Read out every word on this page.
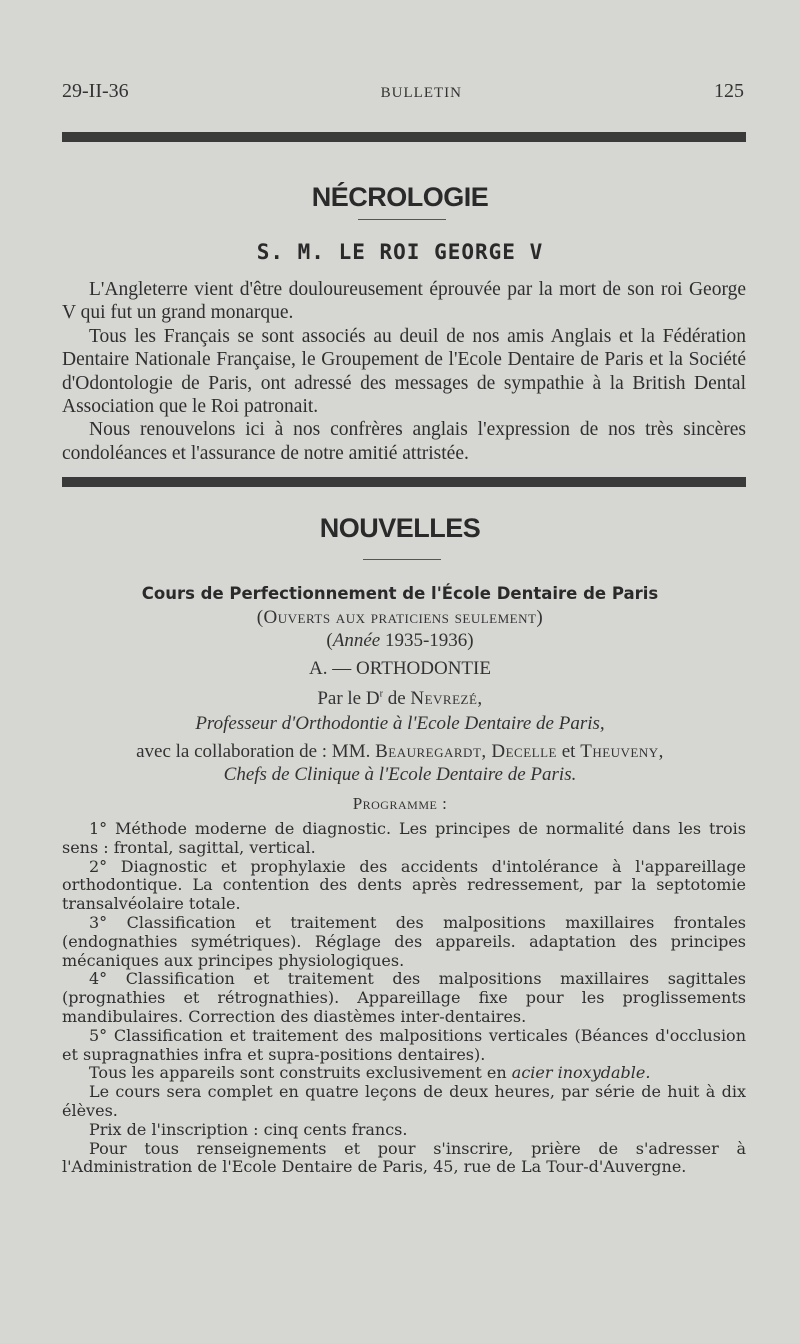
29-II-36	BULLETIN	125
NÉCROLOGIE
S. M. LE ROI GEORGE V

L'Angleterre vient d'être douloureusement éprouvée par la mort de son roi George V qui fut un grand monarque.

Tous les Français se sont associés au deuil de nos amis Anglais et la Fédération Dentaire Nationale Française, le Groupement de l'Ecole Dentaire de Paris et la Société d'Odontologie de Paris, ont adressé des messages de sympathie à la British Dental Association que le Roi patronait.

Nous renouvelons ici à nos confrères anglais l'expression de nos très sincères condoléances et l'assurance de notre amitié attristée.

NOUVELLES
Cours de Perfectionnement de l'École Dentaire de Paris
(Ouverts aux praticiens seulement)
(Année 1935-1936)
A. — ORTHODONTIE
Par le $D^r$ de Nevrezé,
Professeur d'Orthodontie à l'Ecole Dentaire de Paris,
avec la collaboration de : MM. Beauregardt, Decelle et Theuveny,
Chefs de Clinique à l'Ecole Dentaire de Paris.
Programme :

1° Méthode moderne de diagnostic. Les principes de normalité dans les trois sens : frontal, sagittal, vertical.

2° Diagnostic et prophylaxie des accidents d'intolérance à l'appareillage orthodontique. La contention des dents après redressement, par la septotomie transalvéolaire totale.

3° Classification et traitement des malpositions maxillaires frontales (endognathies symétriques). Réglage des appareils. adaptation des principes mécaniques aux principes physiologiques.

4° Classification et traitement des malpositions maxillaires sagittales (prognathies et rétrognathies). Appareillage fixe pour les proglissements mandibulaires. Correction des diastèmes inter-dentaires.

5° Classification et traitement des malpositions verticales (Béances d'occlusion et supragnathies infra et supra-positions dentaires).

Tous les appareils sont construits exclusivement en acier inoxydable.

Le cours sera complet en quatre leçons de deux heures, par série de huit à dix élèves.

Prix de l'inscription : cinq cents francs.

Pour tous renseignements et pour s'inscrire, prière de s'adresser à l'Administration de l'Ecole Dentaire de Paris, 45, rue de La Tour-d'Auvergne.
